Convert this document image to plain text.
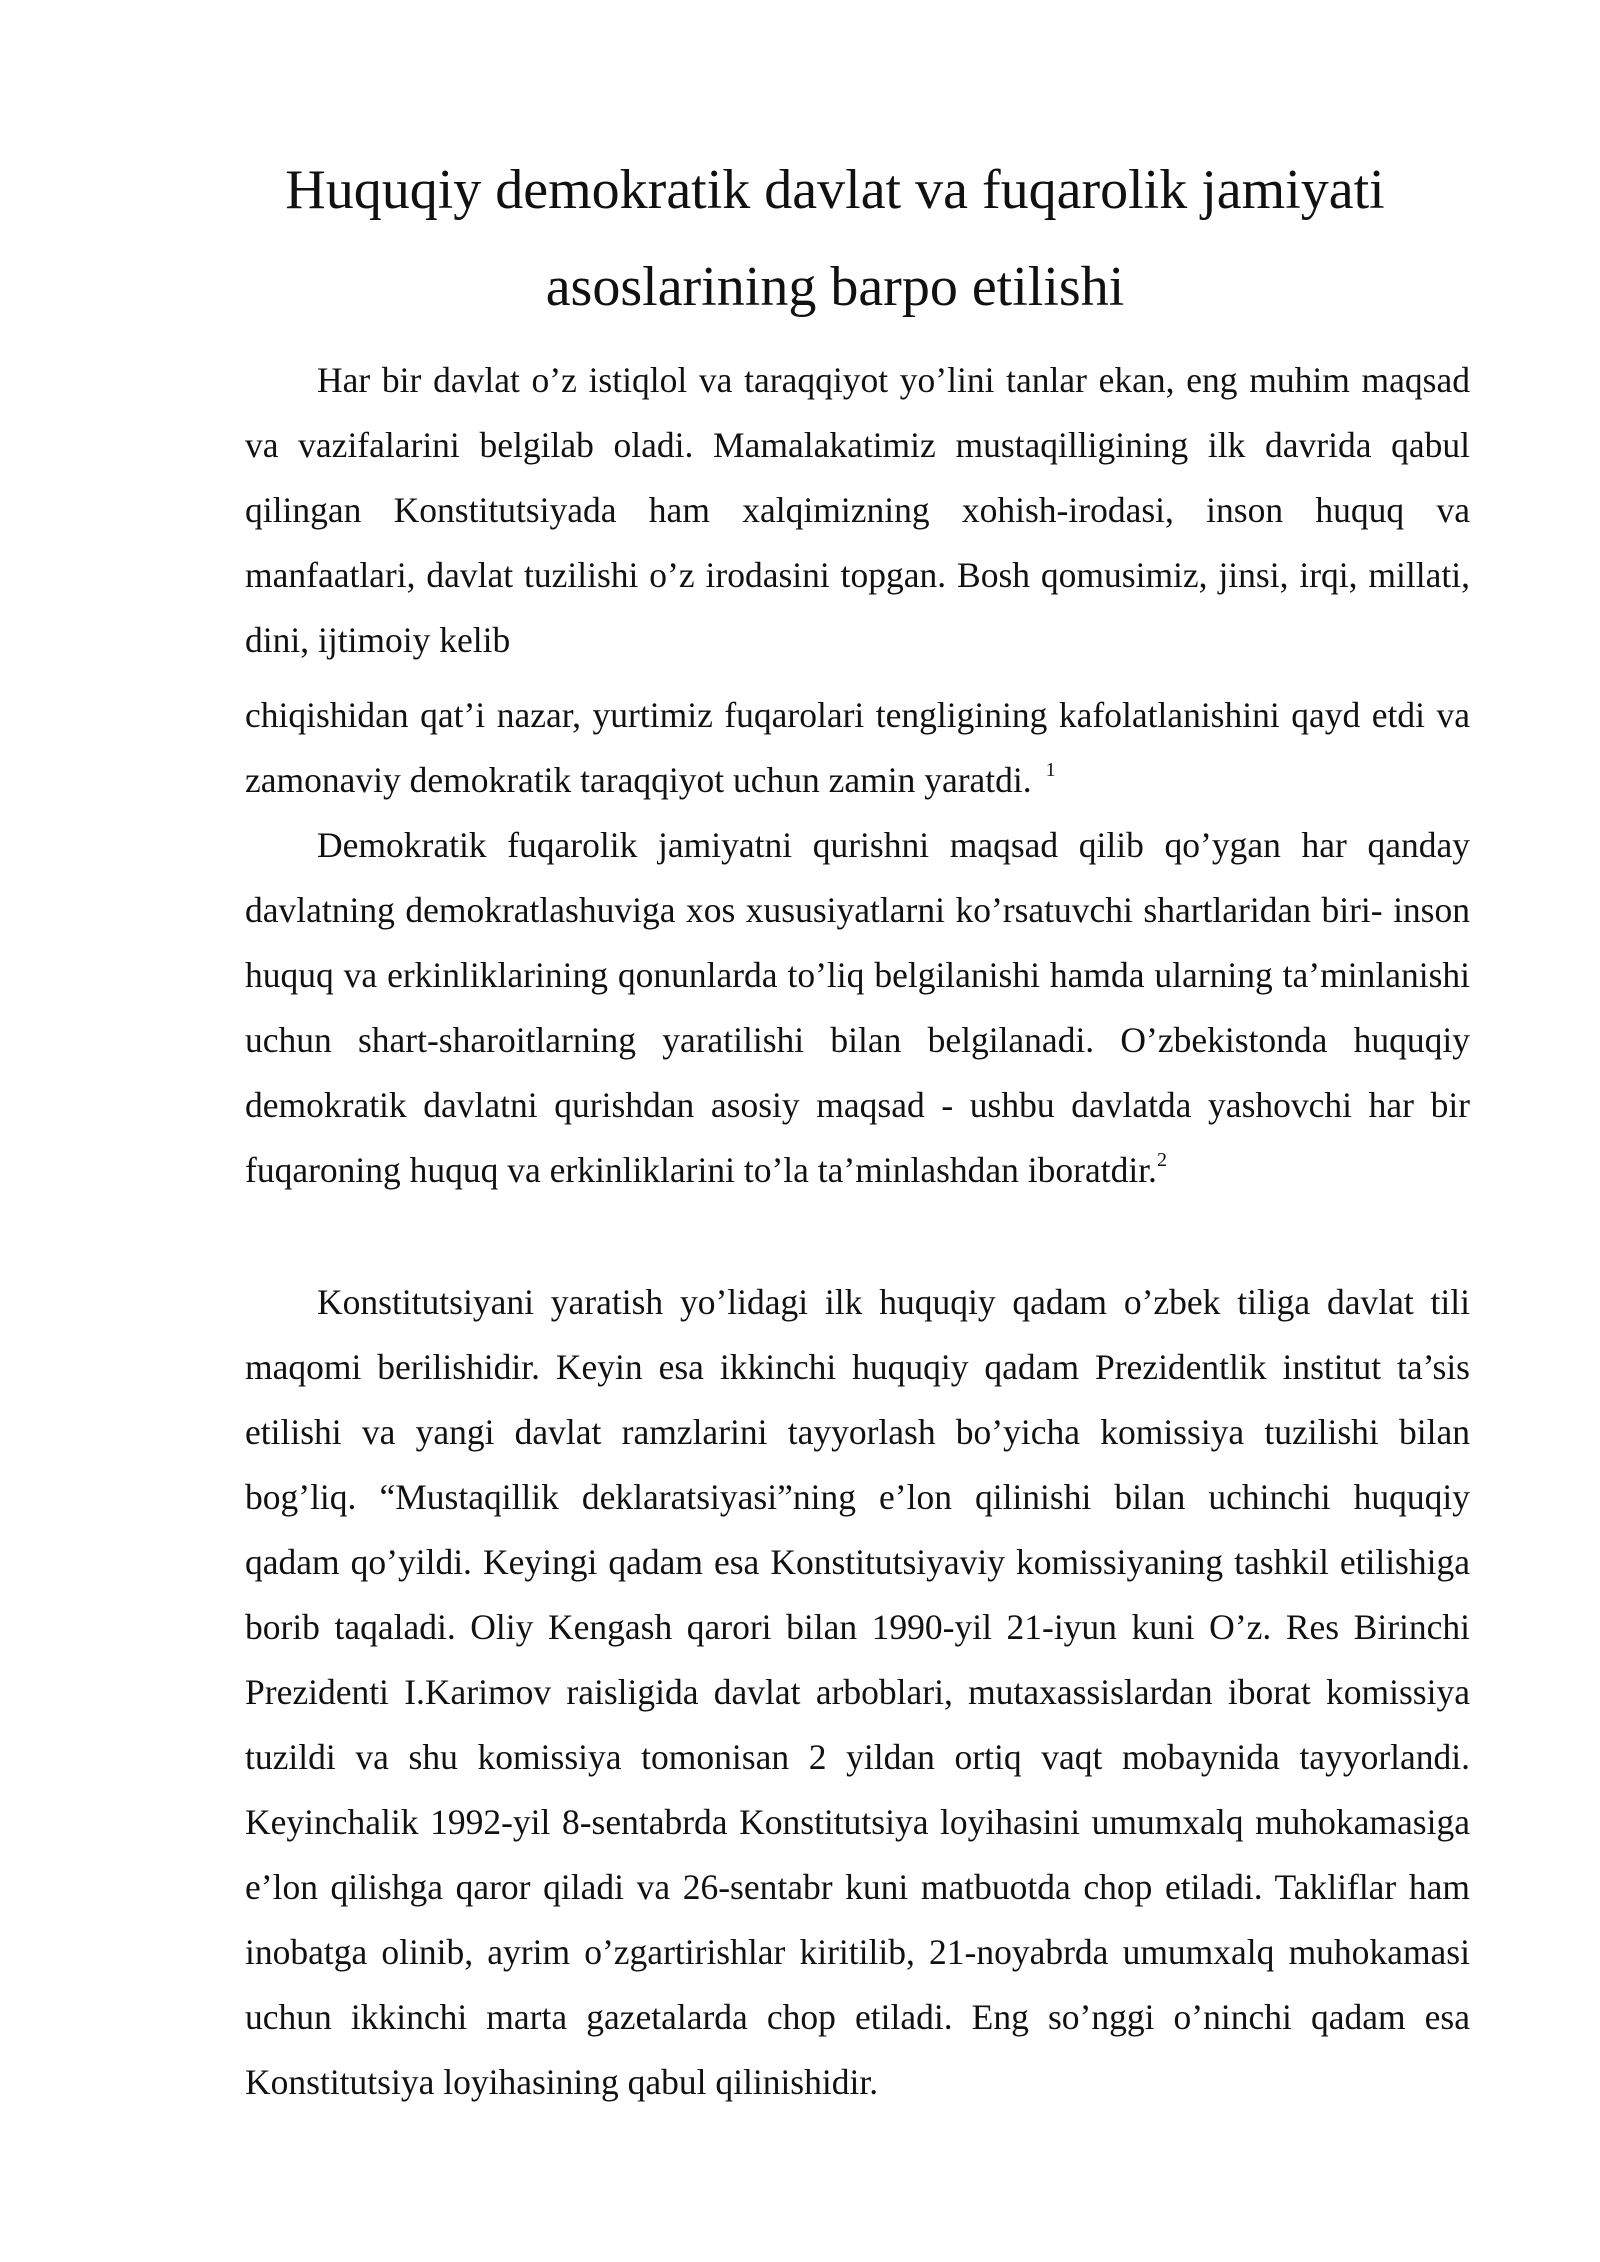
Huquqiy demokratik davlat va fuqarolik jamiyati
asoslarining barpo etilishi

Har bir davlat o’z istiqlol va taraqqiyot yo’lini tanlar ekan, eng muhim maqsad va vazifalarini belgilab oladi. Mamalakatimiz mustaqilligining ilk davrida qabul qilingan Konstitutsiyada ham xalqimizning xohish-irodasi, inson huquq va manfaatlari, davlat tuzilishi o’z irodasini topgan. Bosh qomusimiz, jinsi, irqi, millati, dini, ijtimoiy kelib

chiqishidan qat’i nazar, yurtimiz fuqarolari tengligining kafolatlanishini qayd etdi va zamonaviy demokratik taraqqiyot uchun zamin yaratdi. $^1$

Demokratik fuqarolik jamiyatni qurishni maqsad qilib qo’ygan har qanday davlatning demokratlashuviga xos xususiyatlarni ko’rsatuvchi shartlaridan biri- inson huquq va erkinliklarining qonunlarda to’liq belgilanishi hamda ularning ta’minlanishi uchun shart-sharoitlarning yaratilishi bilan belgilanadi. O’zbekistonda huquqiy demokratik davlatni qurishdan asosiy maqsad - ushbu davlatda yashovchi har bir fuqaroning huquq va erkinliklarini to’la ta’minlashdan iboratdir.$^2$

Konstitutsiyani yaratish yo’lidagi ilk huquqiy qadam o’zbek tiliga davlat tili maqomi berilishidir. Keyin esa ikkinchi huquqiy qadam Prezidentlik institut ta’sis etilishi va yangi davlat ramzlarini tayyorlash bo’yicha komissiya tuzilishi bilan bog’liq. “Mustaqillik deklaratsiyasi”ning e’lon qilinishi bilan uchinchi huquqiy qadam qo’yildi. Keyingi qadam esa Konstitutsiyaviy komissiyaning tashkil etilishiga borib taqaladi. Oliy Kengash qarori bilan 1990-yil 21-iyun kuni O’z. Res Birinchi Prezidenti I.Karimov raisligida davlat arboblari, mutaxassislardan iborat komissiya tuzildi va shu komissiya tomonisan 2 yildan ortiq vaqt mobaynida tayyorlandi. Keyinchalik 1992-yil 8-sentabrda Konstitutsiya loyihasini umumxalq muhokamasiga e’lon qilishga qaror qiladi va 26-sentabr kuni matbuotda chop etiladi. Takliflar ham inobatga olinib, ayrim o’zgartirishlar kiritilib, 21-noyabrda umumxalq muhokamasi uchun ikkinchi marta gazetalarda chop etiladi. Eng so’nggi o’ninchi qadam esa Konstitutsiya loyihasining qabul qilinishidir.
